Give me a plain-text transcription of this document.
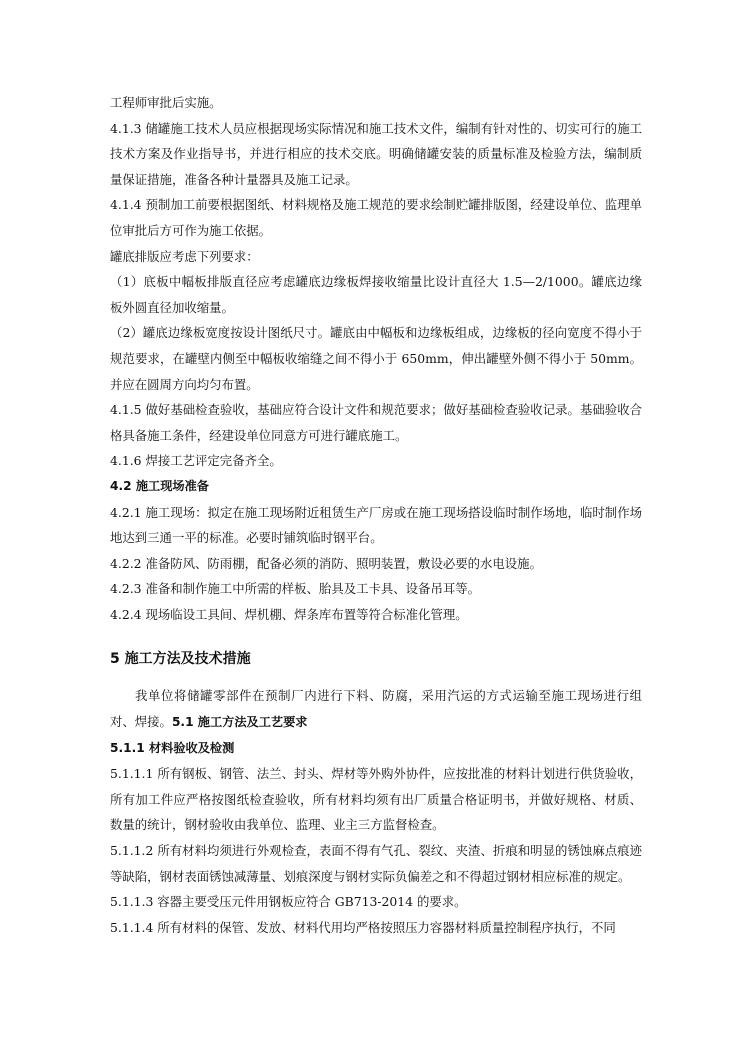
工程师审批后实施。

4.1.3 储罐施工技术人员应根据现场实际情况和施工技术文件，编制有针对性的、切实可行的施工技术方案及作业指导书，并进行相应的技术交底。明确储罐安装的质量标准及检验方法，编制质量保证措施，准备各种计量器具及施工记录。

4.1.4 预制加工前要根据图纸、材料规格及施工规范的要求绘制贮罐排版图，经建设单位、监理单位审批后方可作为施工依据。

罐底排版应考虑下列要求：

（1）底板中幅板排版直径应考虑罐底边缘板焊接收缩量比设计直径大 1.5—2/1000。罐底边缘板外圆直径加收缩量。

（2）罐底边缘板宽度按设计图纸尺寸。罐底由中幅板和边缘板组成，边缘板的径向宽度不得小于规范要求，在罐壁内侧至中幅板收缩缝之间不得小于 650mm，伸出罐壁外侧不得小于 50mm。并应在圆周方向均匀布置。

4.1.5 做好基础检查验收，基础应符合设计文件和规范要求；做好基础检查验收记录。基础验收合格具备施工条件，经建设单位同意方可进行罐底施工。

4.1.6 焊接工艺评定完备齐全。

4.2 施工现场准备

4.2.1 施工现场：拟定在施工现场附近租赁生产厂房或在施工现场搭设临时制作场地，临时制作场地达到三通一平的标准。必要时铺筑临时钢平台。

4.2.2 准备防风、防雨棚，配备必须的消防、照明装置，敷设必要的水电设施。

4.2.3 准备和制作施工中所需的样板、胎具及工卡具、设备吊耳等。

4.2.4 现场临设工具间、焊机棚、焊条库布置等符合标准化管理。

5 施工方法及技术措施

我单位将储罐零部件在预制厂内进行下料、防腐，采用汽运的方式运输至施工现场进行组对、焊接。5.1 施工方法及工艺要求

5.1.1 材料验收及检测

5.1.1.1 所有钢板、钢管、法兰、封头、焊材等外购外协件，应按批准的材料计划进行供货验收，所有加工件应严格按图纸检查验收，所有材料均须有出厂质量合格证明书，并做好规格、材质、数量的统计，钢材验收由我单位、监理、业主三方监督检查。

5.1.1.2 所有材料均须进行外观检查，表面不得有气孔、裂纹、夹渣、折痕和明显的锈蚀麻点痕迹等缺陷，钢材表面锈蚀减薄量、划痕深度与钢材实际负偏差之和不得超过钢材相应标准的规定。

5.1.1.3 容器主要受压元件用钢板应符合 GB713-2014 的要求。

5.1.1.4 所有材料的保管、发放、材料代用均严格按照压力容器材料质量控制程序执行，不同
